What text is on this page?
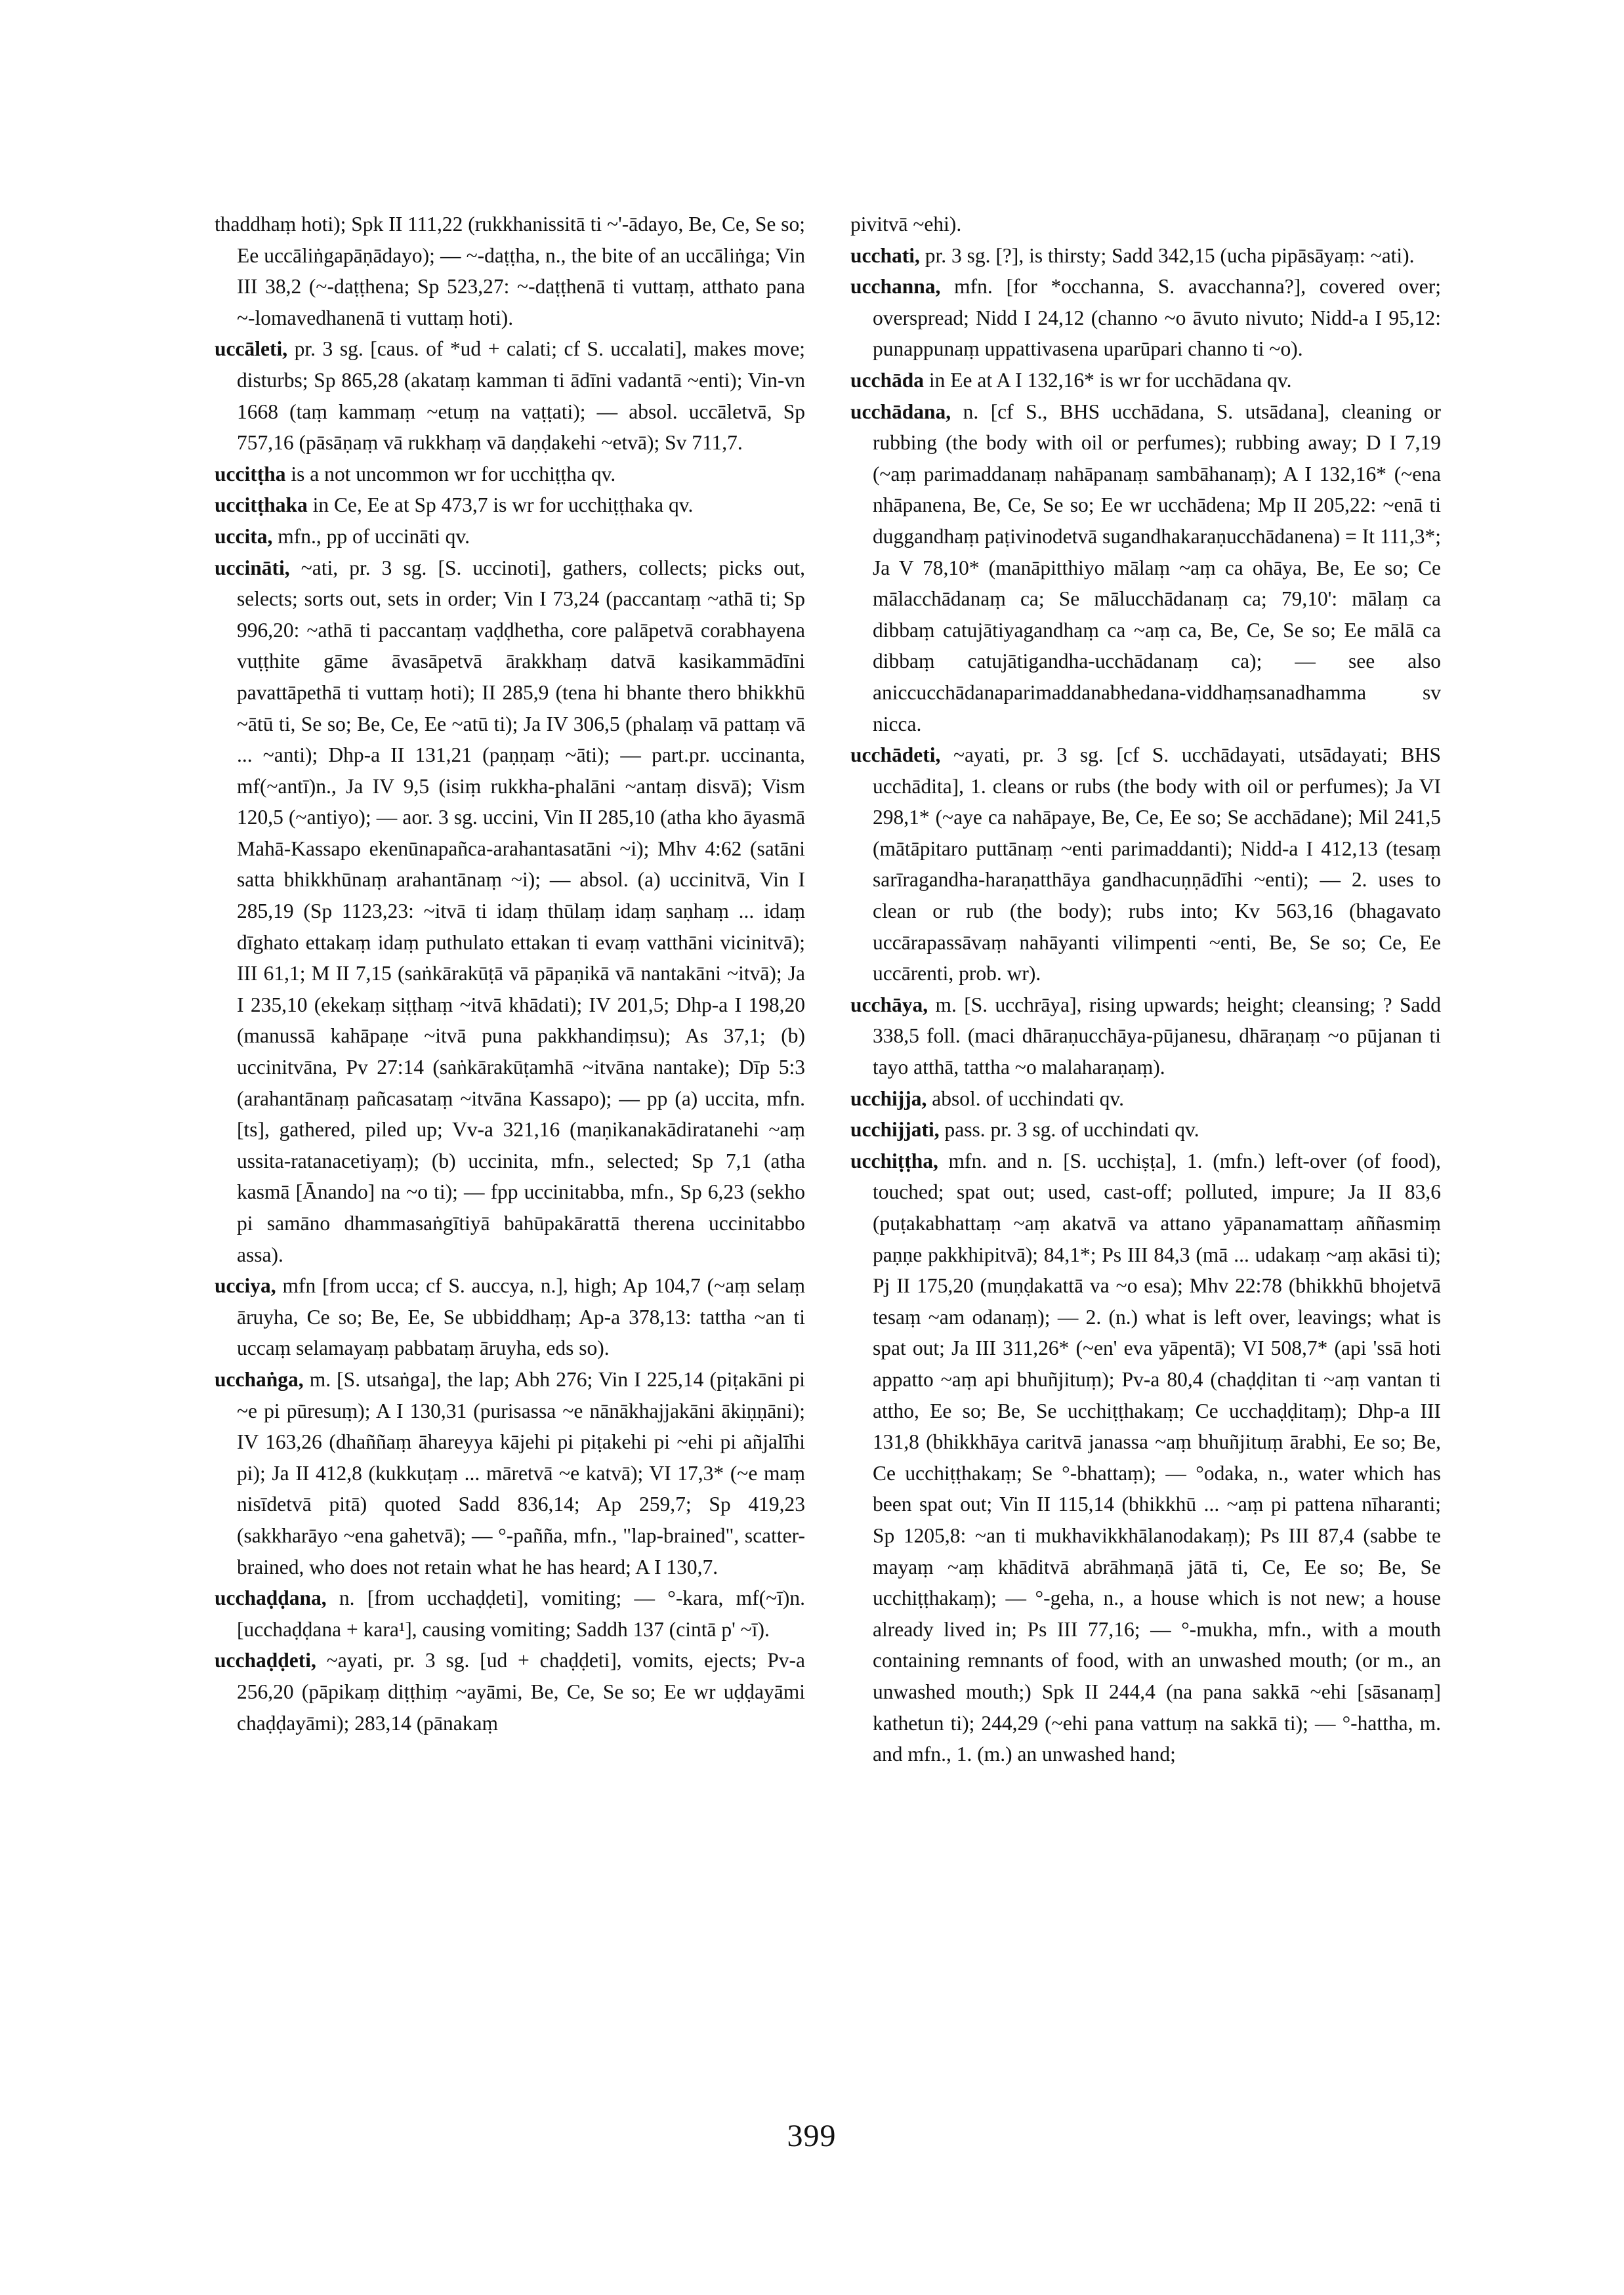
thaddhaṃ hoti); Spk II 111,22 (rukkhanissitā ti ~'-ādayo, Be, Ce, Se so; Ee uccāliṅgapāṇādayo); — ~-daṭṭha, n., the bite of an uccāliṅga; Vin III 38,2 (~-daṭṭhena; Sp 523,27: ~-daṭṭhenā ti vuttaṃ, atthato pana ~-lomavedhanenā ti vuttaṃ hoti).

uccāleti, pr. 3 sg. [caus. of *ud + calati; cf S. uccalati], makes move; disturbs; Sp 865,28 (akataṃ kamman ti ādīni vadantā ~enti); Vin-vn 1668 (taṃ kammaṃ ~etuṃ na vaṭṭati); — absol. uccāletvā, Sp 757,16 (pāsāṇaṃ vā rukkhaṃ vā daṇḍakehi ~etvā); Sv 711,7.

uccitṭha is a not uncommon wr for ucchiṭṭha qv.

uccitṭhaka in Ce, Ee at Sp 473,7 is wr for ucchiṭṭhaka qv.

uccita, mfn., pp of uccināti qv.

uccināti, ~ati, pr. 3 sg. [S. uccinoti], gathers, collects; picks out, selects; sorts out, sets in order; Vin I 73,24 (paccantaṃ ~athā ti; Sp 996,20: ~athā ti paccantaṃ vaḍḍhetha, core palāpetvā corabhayena vuṭṭhite gāme āvasāpetvā ārakkhaṃ datvā kasikammādīni pavattāpethā ti vuttaṃ hoti); II 285,9 (tena hi bhante thero bhikkhū ~ātū ti, Se so; Be, Ce, Ee ~atū ti); Ja IV 306,5 (phalaṃ vā pattaṃ vā ... ~anti); Dhp-a II 131,21 (paṇṇaṃ ~āti); — part.pr. uccinanta, mf(~antī)n., Ja IV 9,5 (isiṃ rukkha-phalāni ~antaṃ disvā); Vism 120,5 (~antiyo); — aor. 3 sg. uccini, Vin II 285,10 (atha kho āyasmā Mahā-Kassapo ekenūnapañca-arahantasatāni ~i); Mhv 4:62 (satāni satta bhikkhūnaṃ arahantānaṃ ~i); — absol. (a) uccinitvā, Vin I 285,19 (Sp 1123,23: ~itvā ti idaṃ thūlaṃ idaṃ saṇhaṃ ... idaṃ dīghato ettakaṃ idaṃ puthulato ettakan ti evaṃ vatthāni vicinitvā); III 61,1; M II 7,15 (saṅkārakūṭā vā pāpaṇikā vā nantakāni ~itvā); Ja I 235,10 (ekekaṃ siṭṭhaṃ ~itvā khādati); IV 201,5; Dhp-a I 198,20 (manussā kahāpaṇe ~itvā puna pakkhandiṃsu); As 37,1; (b) uccinitvāna, Pv 27:14 (saṅkārakūṭamhā ~itvāna nantake); Dīp 5:3 (arahantānaṃ pañcasataṃ ~itvāna Kassapo); — pp (a) uccita, mfn. [ts], gathered, piled up; Vv-a 321,16 (maṇikanakādiratanehi ~aṃ ussita-ratanacetiyaṃ); (b) uccinita, mfn., selected; Sp 7,1 (atha kasmā [Ānando] na ~o ti); — fpp uccinitabba, mfn., Sp 6,23 (sekho pi samāno dhammasaṅgītiyā bahūpakārattā therena uccinitabbo assa).

ucciya, mfn [from ucca; cf S. auccya, n.], high; Ap 104,7 (~aṃ selaṃ āruyha, Ce so; Be, Ee, Se ubbiddhaṃ; Ap-a 378,13: tattha ~an ti uccaṃ selamayaṃ pabbataṃ āruyha, eds so).

ucchaṅga, m. [S. utsaṅga], the lap; Abh 276; Vin I 225,14 (piṭakāni pi ~e pi pūresuṃ); A I 130,31 (purisassa ~e nānākhajjakāni ākiṇṇāni); IV 163,26 (dhaññaṃ āhareyya kājehi pi piṭakehi pi ~ehi pi añjalīhi pi); Ja II 412,8 (kukkuṭaṃ ... māretvā ~e katvā); VI 17,3* (~e maṃ nisīdetvā pitā) quoted Sadd 836,14; Ap 259,7; Sp 419,23 (sakkharāyo ~ena gahetvā); — °-pañña, mfn., "lap-brained", scatter-brained, who does not retain what he has heard; A I 130,7.

ucchaḍḍana, n. [from ucchaḍḍeti], vomiting; — °-kara, mf(~ī)n. [ucchaḍḍana + kara¹], causing vomiting; Saddh 137 (cintā p' ~ī).

ucchaḍḍeti, ~ayati, pr. 3 sg. [ud + chaḍḍeti], vomits, ejects; Pv-a 256,20 (pāpikaṃ diṭṭhiṃ ~ayāmi, Be, Ce, Se so; Ee wr uḍḍayāmi chaḍḍayāmi); 283,14 (pānakaṃ

pivitvā ~ehi).

ucchati, pr. 3 sg. [?], is thirsty; Sadd 342,15 (ucha pipāsāyaṃ: ~ati).

ucchanna, mfn. [for *occhanna, S. avacchanna?], covered over; overspread; Nidd I 24,12 (channo ~o āvuto nivuto; Nidd-a I 95,12: punappunaṃ uppattivasena uparūpari channo ti ~o).

ucchāda in Ee at A I 132,16* is wr for ucchādana qv.

ucchādana, n. [cf S., BHS ucchādana, S. utsādana], cleaning or rubbing (the body with oil or perfumes); rubbing away; D I 7,19 (~aṃ parimaddanaṃ nahāpanaṃ sambāhanaṃ); A I 132,16* (~ena nhāpanena, Be, Ce, Se so; Ee wr ucchādena; Mp II 205,22: ~enā ti duggandhaṃ paṭivinodetvā sugandhakaraṇucchādanena) = It 111,3*; Ja V 78,10* (manāpitthiyo mālaṃ ~aṃ ca ohāya, Be, Ee so; Ce mālacchādanaṃ ca; Se mālucchādanaṃ ca; 79,10': mālaṃ ca dibbaṃ catujātiyagandhaṃ ca ~aṃ ca, Be, Ce, Se so; Ee mālā ca dibbaṃ catujātigandha-ucchādanaṃ ca); — see also aniccucchādanaparimaddanabhedana-viddhaṃsanadhamma sv nicca.

ucchādeti, ~ayati, pr. 3 sg. [cf S. ucchādayati, utsādayati; BHS ucchādita], 1. cleans or rubs (the body with oil or perfumes); Ja VI 298,1* (~aye ca nahāpaye, Be, Ce, Ee so; Se acchādane); Mil 241,5 (mātāpitaro puttānaṃ ~enti parimaddanti); Nidd-a I 412,13 (tesaṃ sarīragandha-haraṇatthāya gandhacuṇṇādīhi ~enti); — 2. uses to clean or rub (the body); rubs into; Kv 563,16 (bhagavato uccārapassāvaṃ nahāyanti vilimpenti ~enti, Be, Se so; Ce, Ee uccārenti, prob. wr).

ucchāya, m. [S. ucchrāya], rising upwards; height; cleansing; ? Sadd 338,5 foll. (maci dhāraṇucchāya-pūjanesu, dhāraṇaṃ ~o pūjanan ti tayo atthā, tattha ~o malaharaṇaṃ).

ucchijja, absol. of ucchindati qv.

ucchijjati, pass. pr. 3 sg. of ucchindati qv.

ucchiṭṭha, mfn. and n. [S. ucchiṣṭa], 1. (mfn.) left-over (of food), touched; spat out; used, cast-off; polluted, impure; Ja II 83,6 (puṭakabhattaṃ ~aṃ akatvā va attano yāpanamattaṃ aññasmiṃ paṇṇe pakkhipitvā); 84,1*; Ps III 84,3 (mā ... udakaṃ ~aṃ akāsi ti); Pj II 175,20 (muṇḍakattā va ~o esa); Mhv 22:78 (bhikkhū bhojetvā tesaṃ ~am odanaṃ); — 2. (n.) what is left over, leavings; what is spat out; Ja III 311,26* (~en' eva yāpentā); VI 508,7* (api 'ssā hoti appatto ~aṃ api bhuñjituṃ); Pv-a 80,4 (chaḍḍitan ti ~aṃ vantan ti attho, Ee so; Be, Se ucchiṭṭhakaṃ; Ce ucchaḍḍitaṃ); Dhp-a III 131,8 (bhikkhāya caritvā janassa ~aṃ bhuñjituṃ ārabhi, Ee so; Be, Ce ucchiṭṭhakaṃ; Se °-bhattaṃ); — °odaka, n., water which has been spat out; Vin II 115,14 (bhikkhū ... ~aṃ pi pattena nīharanti; Sp 1205,8: ~an ti mukhavikkhālanodakaṃ); Ps III 87,4 (sabbe te mayaṃ ~aṃ khāditvā abrāhmaṇā jātā ti, Ce, Ee so; Be, Se ucchiṭṭhakaṃ); — °-geha, n., a house which is not new; a house already lived in; Ps III 77,16; — °-mukha, mfn., with a mouth containing remnants of food, with an unwashed mouth; (or m., an unwashed mouth;) Spk II 244,4 (na pana sakkā ~ehi [sāsanaṃ] kathetun ti); 244,29 (~ehi pana vattuṃ na sakkā ti); — °-hattha, m. and mfn., 1. (m.) an unwashed hand;

399
